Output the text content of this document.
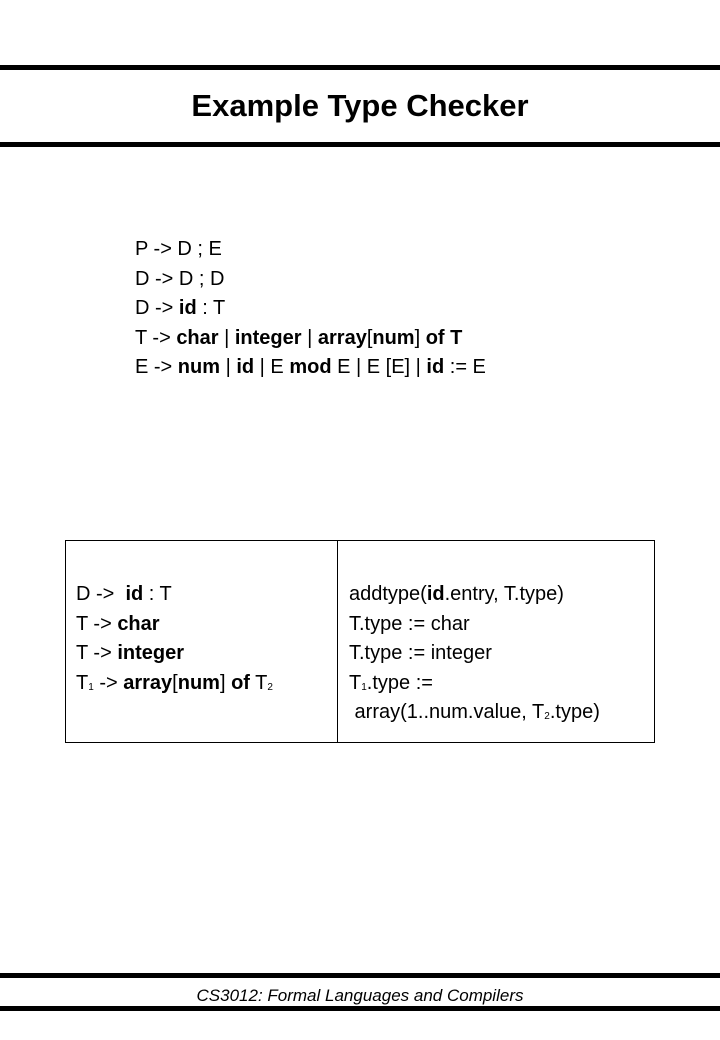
Example Type Checker
P -> D ; E
D -> D ; D
D -> id : T
T -> char | integer | array[num] of T
E -> num | id | E mod E | E [E] | id := E
D ->  id : T
T -> char
T -> integer
T1 -> array[num] of T2
addtype(id.entry, T.type)
T.type := char
T.type := integer
T1.type :=
array(1..num.value, T2.type)
CS3012: Formal Languages and Compilers
